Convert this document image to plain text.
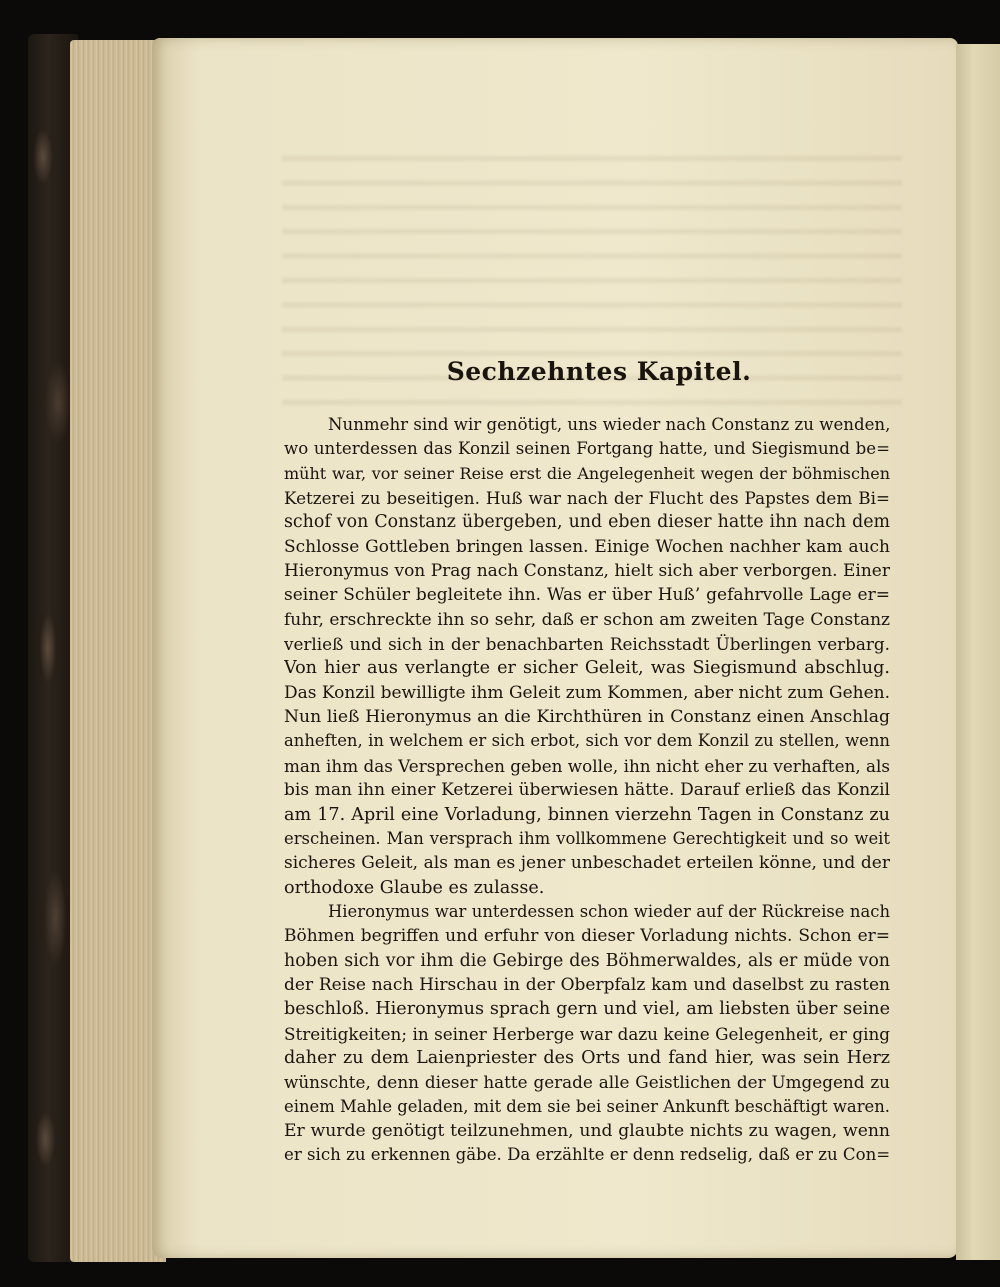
Sechzehntes Kapitel.

Nunmehr sind wir genötigt, uns wieder nach Constanz zu wenden,
wo unterdessen das Konzil seinen Fortgang hatte, und Siegismund be=
müht war, vor seiner Reise erst die Angelegenheit wegen der böhmischen
Ketzerei zu beseitigen. Huß war nach der Flucht des Papstes dem Bi=
schof von Constanz übergeben, und eben dieser hatte ihn nach dem
Schlosse Gottleben bringen lassen. Einige Wochen nachher kam auch
Hieronymus von Prag nach Constanz, hielt sich aber verborgen. Einer
seiner Schüler begleitete ihn. Was er über Huß’ gefahrvolle Lage er=
fuhr, erschreckte ihn so sehr, daß er schon am zweiten Tage Constanz
verließ und sich in der benachbarten Reichsstadt Überlingen verbarg.
Von hier aus verlangte er sicher Geleit, was Siegismund abschlug.
Das Konzil bewilligte ihm Geleit zum Kommen, aber nicht zum Gehen.
Nun ließ Hieronymus an die Kirchthüren in Constanz einen Anschlag
anheften, in welchem er sich erbot, sich vor dem Konzil zu stellen, wenn
man ihm das Versprechen geben wolle, ihn nicht eher zu verhaften, als
bis man ihn einer Ketzerei überwiesen hätte. Darauf erließ das Konzil
am 17. April eine Vorladung, binnen vierzehn Tagen in Constanz zu
erscheinen. Man versprach ihm vollkommene Gerechtigkeit und so weit
sicheres Geleit, als man es jener unbeschadet erteilen könne, und der
orthodoxe Glaube es zulasse.

Hieronymus war unterdessen schon wieder auf der Rückreise nach
Böhmen begriffen und erfuhr von dieser Vorladung nichts. Schon er=
hoben sich vor ihm die Gebirge des Böhmerwaldes, als er müde von
der Reise nach Hirschau in der Oberpfalz kam und daselbst zu rasten
beschloß. Hieronymus sprach gern und viel, am liebsten über seine
Streitigkeiten; in seiner Herberge war dazu keine Gelegenheit, er ging
daher zu dem Laienpriester des Orts und fand hier, was sein Herz
wünschte, denn dieser hatte gerade alle Geistlichen der Umgegend zu
einem Mahle geladen, mit dem sie bei seiner Ankunft beschäftigt waren.
Er wurde genötigt teilzunehmen, und glaubte nichts zu wagen, wenn
er sich zu erkennen gäbe. Da erzählte er denn redselig, daß er zu Con=
